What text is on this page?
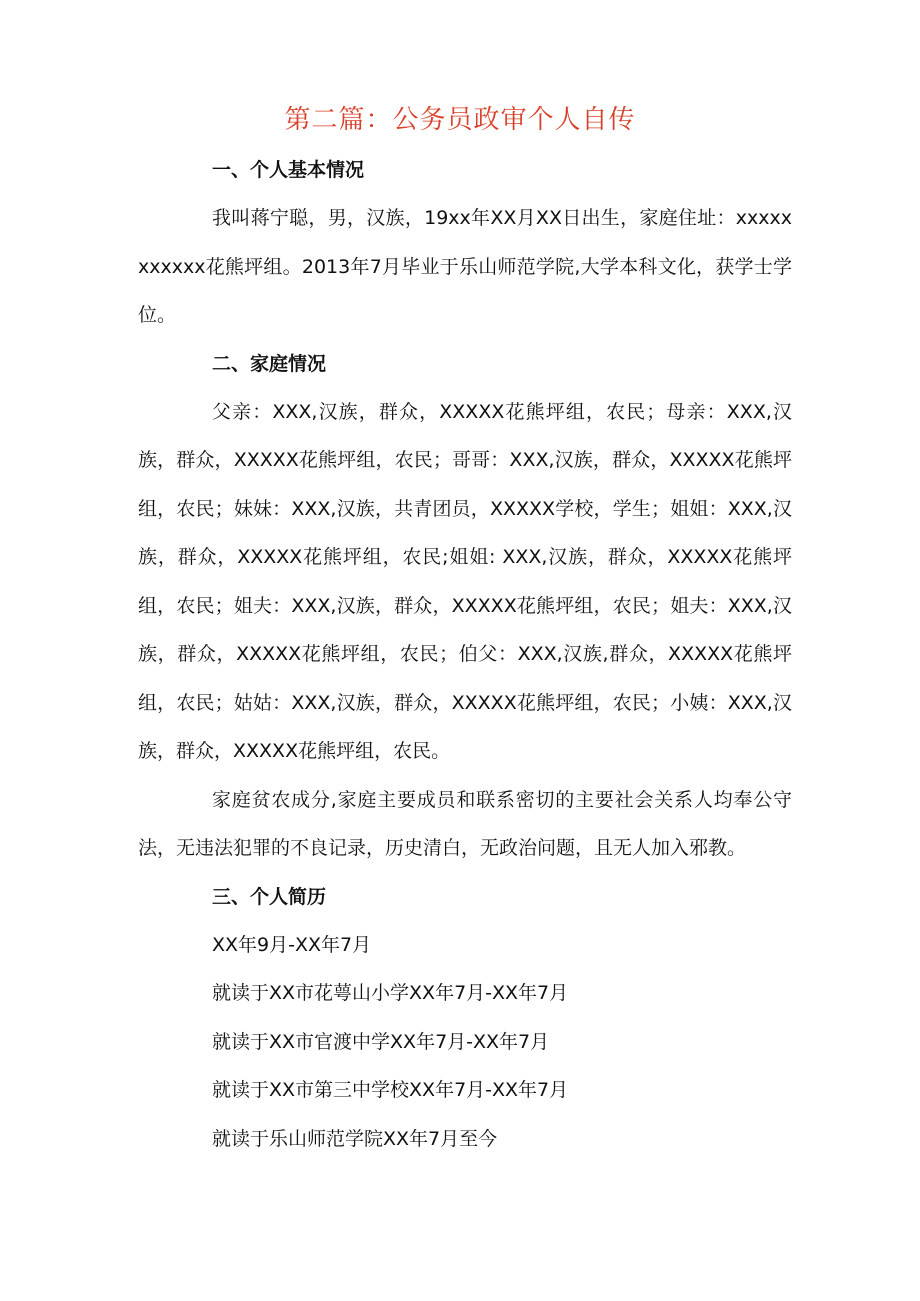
第二篇：公务员政审个人自传
一、个人基本情况

我叫蒋宁聪，男，汉族，19xx年XX月XX日出生，家庭住址：xxxxxxxxxxx花熊坪组。2013年7月毕业于乐山师范学院,大学本科文化，获学士学位。

二、家庭情况

父亲：XXX,汉族，群众，XXXXX花熊坪组，农民；母亲：XXX,汉族，群众，XXXXX花熊坪组，农民；哥哥：XXX,汉族，群众，XXXXX花熊坪组，农民；妹妹：XXX,汉族，共青团员，XXXXX学校，学生；姐姐：XXX,汉族，群众，XXXXX花熊坪组，农民;姐姐: XXX,汉族，群众，XXXXX花熊坪组，农民；姐夫：XXX,汉族，群众，XXXXX花熊坪组，农民；姐夫：XXX,汉族，群众，XXXXX花熊坪组，农民；伯父：XXX,汉族,群众，XXXXX花熊坪组，农民；姑姑：XXX,汉族，群众，XXXXX花熊坪组，农民；小姨：XXX,汉族，群众，XXXXX花熊坪组，农民。

家庭贫农成分,家庭主要成员和联系密切的主要社会关系人均奉公守法，无违法犯罪的不良记录，历史清白，无政治问题，且无人加入邪教。

三、个人简历
XX年9月-XX年7月
就读于XX市花萼山小学XX年7月-XX年7月
就读于XX市官渡中学XX年7月-XX年7月
就读于XX市第三中学校XX年7月-XX年7月
就读于乐山师范学院XX年7月至今
